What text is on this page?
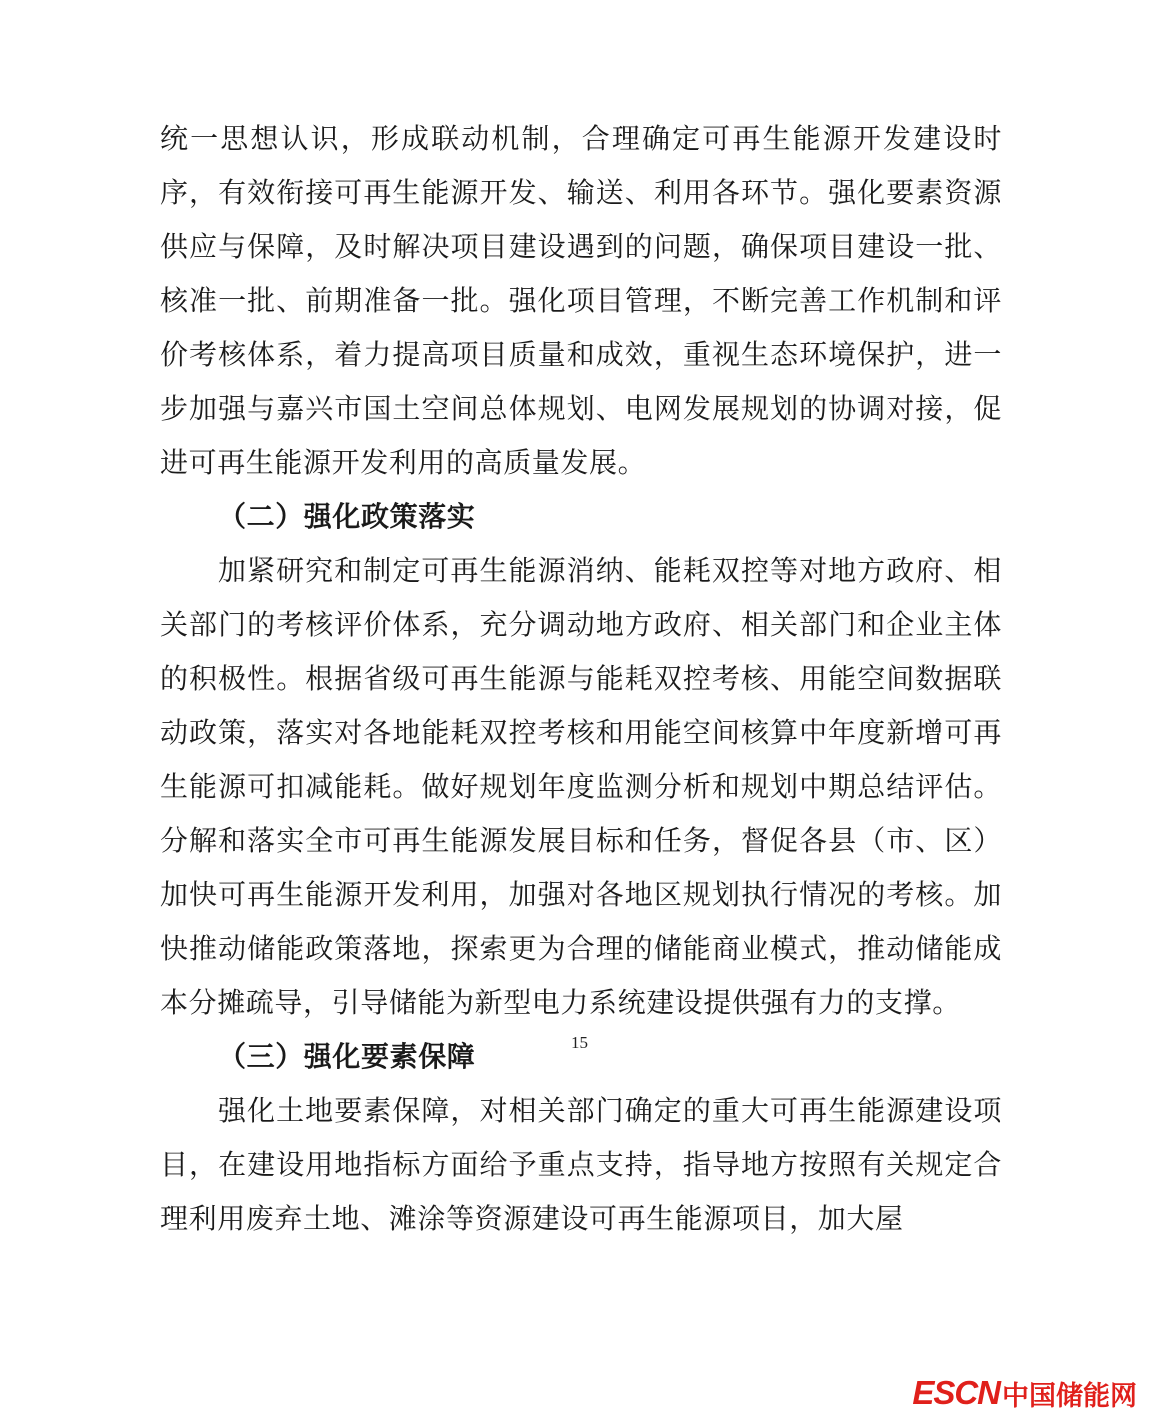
统一思想认识，形成联动机制，合理确定可再生能源开发建设时序，有效衔接可再生能源开发、输送、利用各环节。强化要素资源供应与保障，及时解决项目建设遇到的问题，确保项目建设一批、核准一批、前期准备一批。强化项目管理，不断完善工作机制和评价考核体系，着力提高项目质量和成效，重视生态环境保护，进一步加强与嘉兴市国土空间总体规划、电网发展规划的协调对接，促进可再生能源开发利用的高质量发展。

（二）强化政策落实

加紧研究和制定可再生能源消纳、能耗双控等对地方政府、相关部门的考核评价体系，充分调动地方政府、相关部门和企业主体的积极性。根据省级可再生能源与能耗双控考核、用能空间数据联动政策，落实对各地能耗双控考核和用能空间核算中年度新增可再生能源可扣减能耗。做好规划年度监测分析和规划中期总结评估。分解和落实全市可再生能源发展目标和任务，督促各县（市、区）加快可再生能源开发利用，加强对各地区规划执行情况的考核。加快推动储能政策落地，探索更为合理的储能商业模式，推动储能成本分摊疏导，引导储能为新型电力系统建设提供强有力的支撑。

（三）强化要素保障

强化土地要素保障，对相关部门确定的重大可再生能源建设项目，在建设用地指标方面给予重点支持，指导地方按照有关规定合理利用废弃土地、滩涂等资源建设可再生能源项目，加大屋

15
ESCN 中国储能网
